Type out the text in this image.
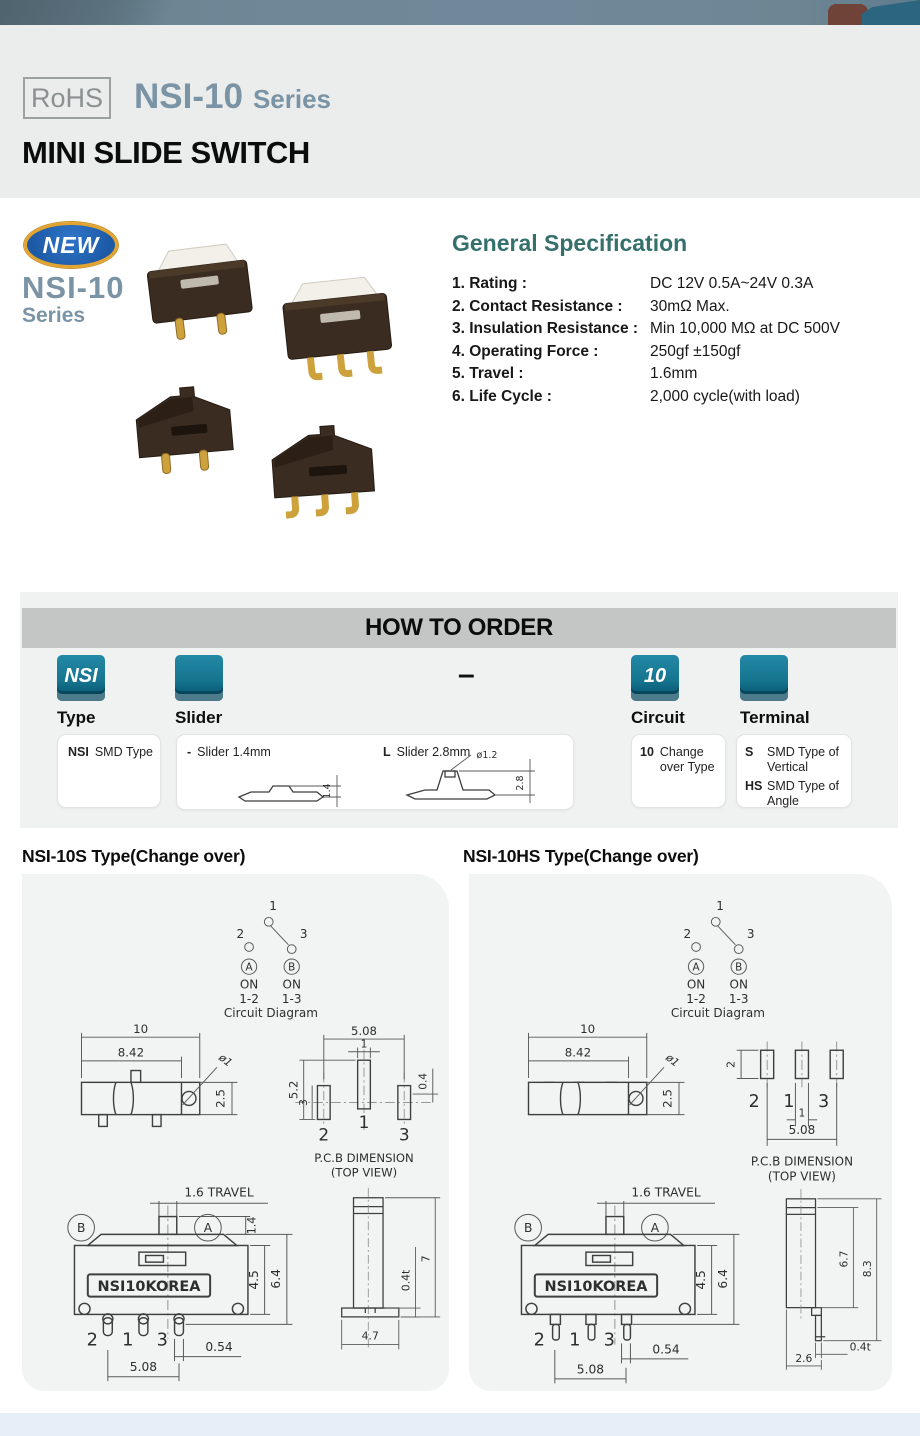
RoHS NSI-10 Series
MINI SLIDE SWITCH
NEW
NSI-10
Series
General Specification
1. Rating :	DC 12V 0.5A~24V 0.3A
2. Contact Resistance :	30mΩ Max.
3. Insulation Resistance : Min 10,000 MΩ at DC 500V
4. Operating Force :	250gf ±150gf
5. Travel :	1.6mm
6. Life Cycle :	2,000 cycle(with load)
HOW TO ORDER
NSI	–	10
Type	Slider	Circuit	Terminal
NSI SMD Type	- Slider 1.4mm	L Slider 2.8mm
1.4
ø1.2
2.8
10 Change over Type
S	SMD Type of Vertical
HS SMD Type of Angle
NSI-10S Type(Change over)	NSI-10HS Type(Change over)
1
2	3
A	B
ON ON
1-2 1-3
Circuit Diagram
10
8.42	ø1
2.5
5.08
1
0.4
5.2
3
2
1
3
P.C.B DIMENSION
(TOP VIEW)
1.6 TRAVEL
1.4
B	A
NSI10KOREA
2 1 3
4.5 6.4
0.54
5.08
0.4t
7
4.7
1
2	3
A	B
ON ON
1-2 1-3
Circuit Diagram
10
8.42	ø1
2.5
2
2 1 3
1
5.08
P.C.B DIMENSION
(TOP VIEW)
1.6 TRAVEL
B	A
NSI10KOREA
2 1 3
4.5 6.4
0.54
5.08
6.7
8.3
0.4t
2.6
